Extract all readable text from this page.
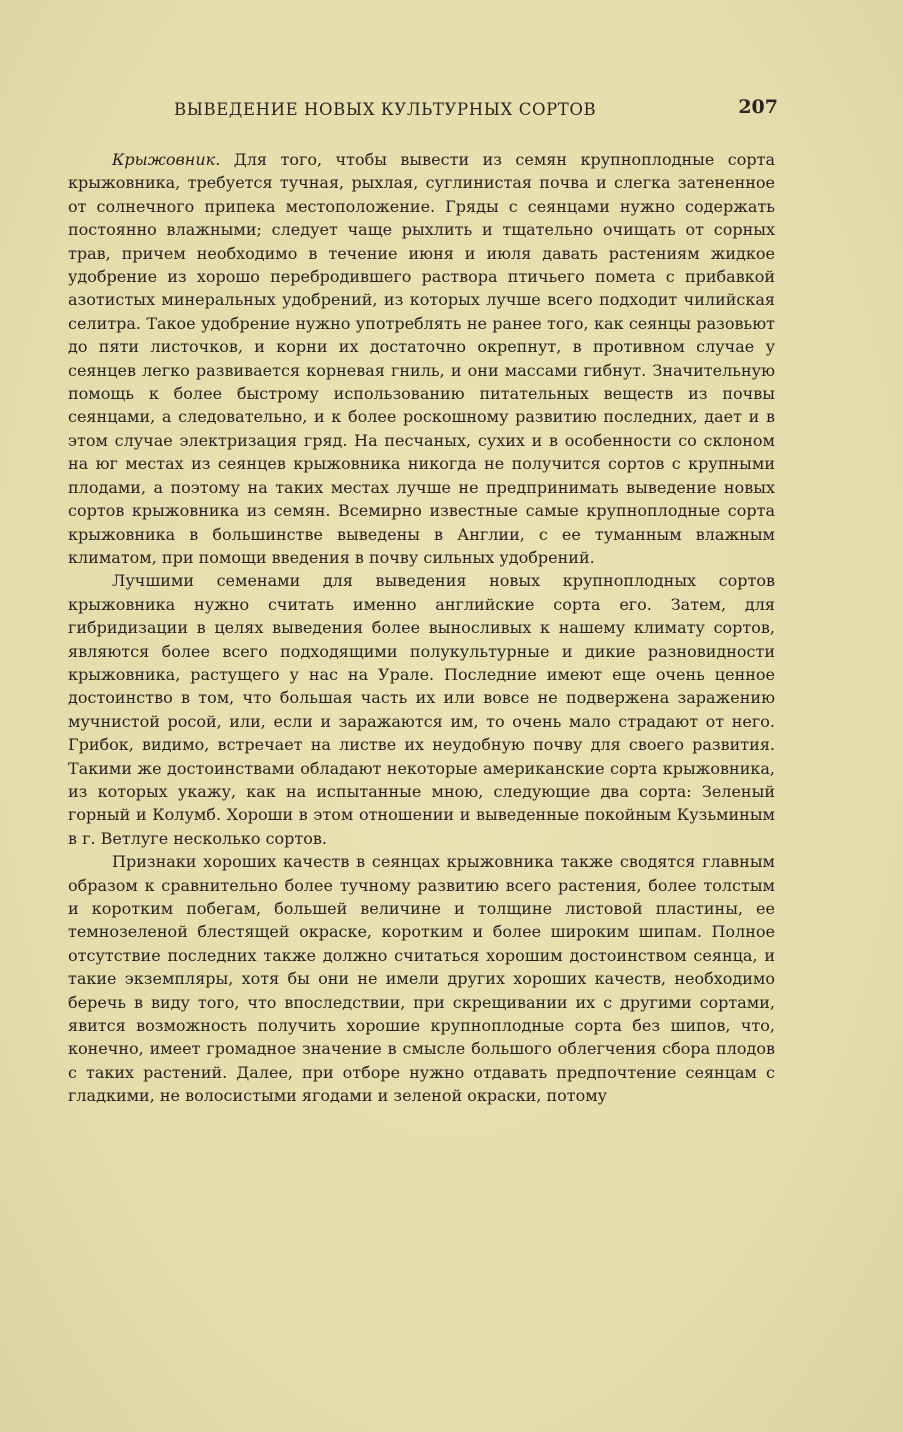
ВЫВЕДЕНИЕ НОВЫХ КУЛЬТУРНЫХ СОРТОВ	207

Крыжовник. Для того, чтобы вывести из семян крупноплодные сорта крыжовника, требуется тучная, рыхлая, суглинистая почва и слегка затененное от солнечного припека местоположение. Гряды с сеянцами нужно содержать постоянно влажными; следует чаще рыхлить и тщательно очищать от сорных трав, причем необходимо в течение июня и июля давать растениям жидкое удобрение из хорошо перебродившего раствора птичьего помета с прибавкой азотистых минеральных удобрений, из которых лучше всего подходит чилийская селитра. Такое удобрение нужно употреблять не ранее того, как сеянцы разовьют до пяти листочков, и корни их достаточно окрепнут, в противном случае у сеянцев легко развивается корневая гниль, и они массами гибнут. Значительную помощь к более быстрому использованию питательных веществ из почвы сеянцами, а следовательно, и к более роскошному развитию последних, дает и в этом случае электризация гряд. На песчаных, сухих и в особенности со склоном на юг местах из сеянцев крыжовника никогда не получится сортов с крупными плодами, а поэтому на таких местах лучше не предпринимать выведение новых сортов крыжовника из семян. Всемирно известные самые крупноплодные сорта крыжовника в большинстве выведены в Англии, с ее туманным влажным климатом, при помощи введения в почву сильных удобрений.

Лучшими семенами для выведения новых крупноплодных сортов крыжовника нужно считать именно английские сорта его. Затем, для гибридизации в целях выведения более выносливых к нашему климату сортов, являются более всего подходящими полукультурные и дикие разновидности крыжовника, растущего у нас на Урале. Последние имеют еще очень ценное достоинство в том, что большая часть их или вовсе не подвержена заражению мучнистой росой, или, если и заражаются им, то очень мало страдают от него. Грибок, видимо, встречает на листве их неудобную почву для своего развития. Такими же достоинствами обладают некоторые американские сорта крыжовника, из которых укажу, как на испытанные мною, следующие два сорта: Зеленый горный и Колумб. Хороши в этом отношении и выведенные покойным Кузьминым в г. Ветлуге несколько сортов.

Признаки хороших качеств в сеянцах крыжовника также сводятся главным образом к сравнительно более тучному развитию всего растения, более толстым и коротким побегам, большей величине и толщине листовой пластины, ее темнозеленой блестящей окраске, коротким и более широким шипам. Полное отсутствие последних также должно считаться хорошим достоинством сеянца, и такие экземпляры, хотя бы они не имели других хороших качеств, необходимо беречь в виду того, что впоследствии, при скрещивании их с другими сортами, явится возможность получить хорошие крупноплодные сорта без шипов, что, конечно, имеет громадное значение в смысле большого облегчения сбора плодов с таких растений. Далее, при отборе нужно отдавать предпочтение сеянцам с гладкими, не волосистыми ягодами и зеленой окраски, потому
